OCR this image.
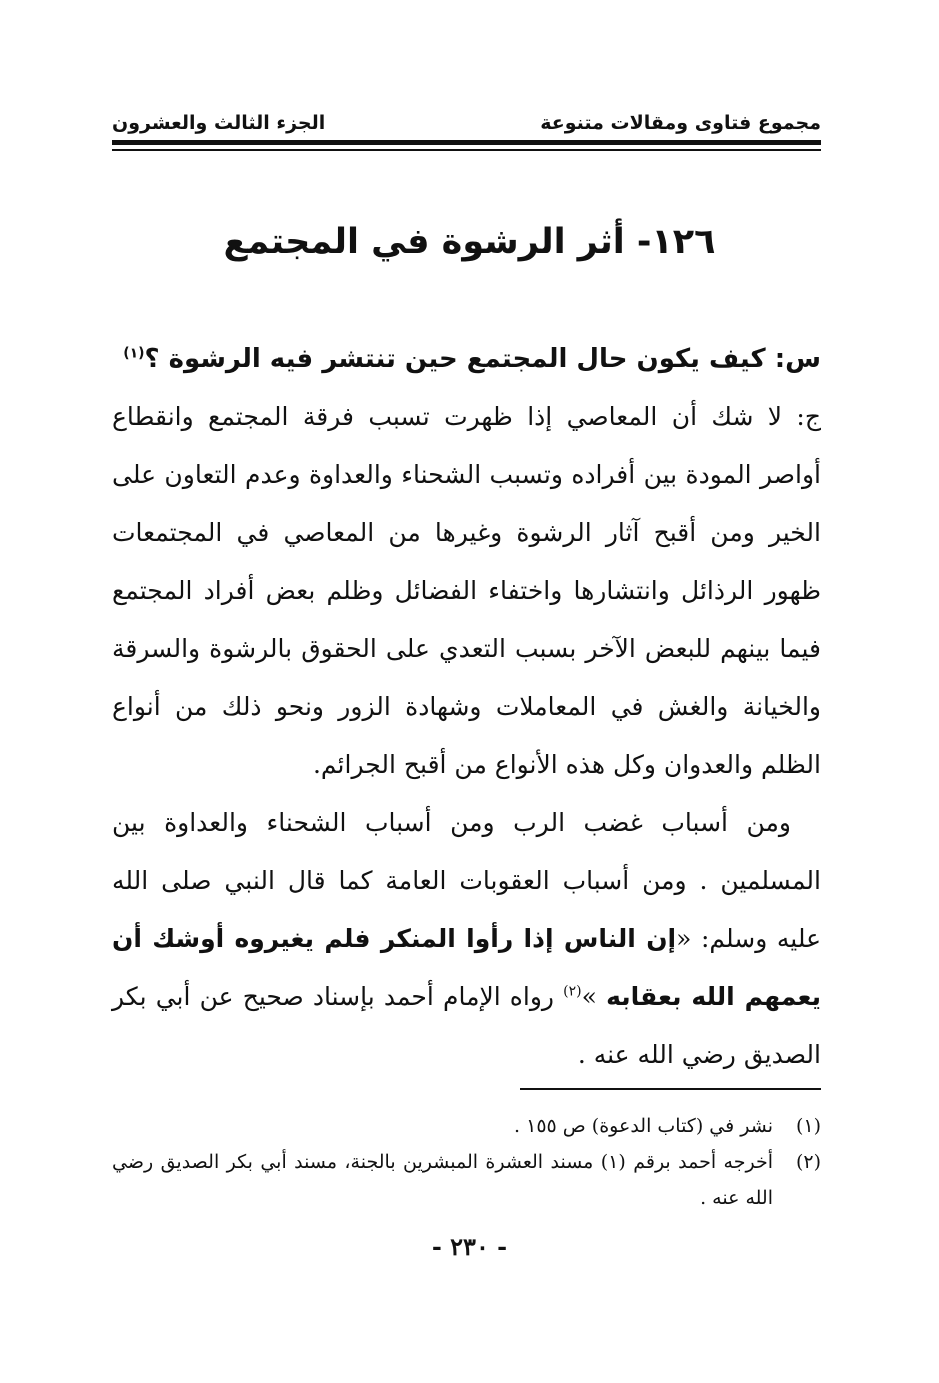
مجموع فتاوى ومقالات متنوعة
الجزء الثالث والعشرون
١٢٦- أثر الرشوة في المجتمع

س: كيف يكون حال المجتمع حين تنتشر فيه الرشوة ؟$^{(١)}$

ج: لا شك أن المعاصي إذا ظهرت تسبب فرقة المجتمع وانقطاع أواصر المودة بين أفراده وتسبب الشحناء والعداوة وعدم التعاون على الخير ومن أقبح آثار الرشوة وغيرها من المعاصي في المجتمعات ظهور الرذائل وانتشارها واختفاء الفضائل وظلم بعض أفراد المجتمع فيما بينهم للبعض الآخر بسبب التعدي على الحقوق بالرشوة والسرقة والخيانة والغش في المعاملات وشهادة الزور ونحو ذلك من أنواع الظلم والعدوان وكل هذه الأنواع من أقبح الجرائم.

ومن أسباب غضب الرب ومن أسباب الشحناء والعداوة بين المسلمين . ومن أسباب العقوبات العامة كما قال النبي صلى الله عليه وسلم: «إن الناس إذا رأوا المنكر فلم يغيروه أوشك أن يعمهم الله بعقابه »$^{(٢)}$ رواه الإمام أحمد بإسناد صحيح عن أبي بكر الصديق رضي الله عنه .

(١)
نشر في (كتاب الدعوة) ص ١٥٥ .
(٢)
أخرجه أحمد برقم (١) مسند العشرة المبشرين بالجنة، مسند أبي بكر الصديق رضي الله عنه .
- ٢٣٠ -
